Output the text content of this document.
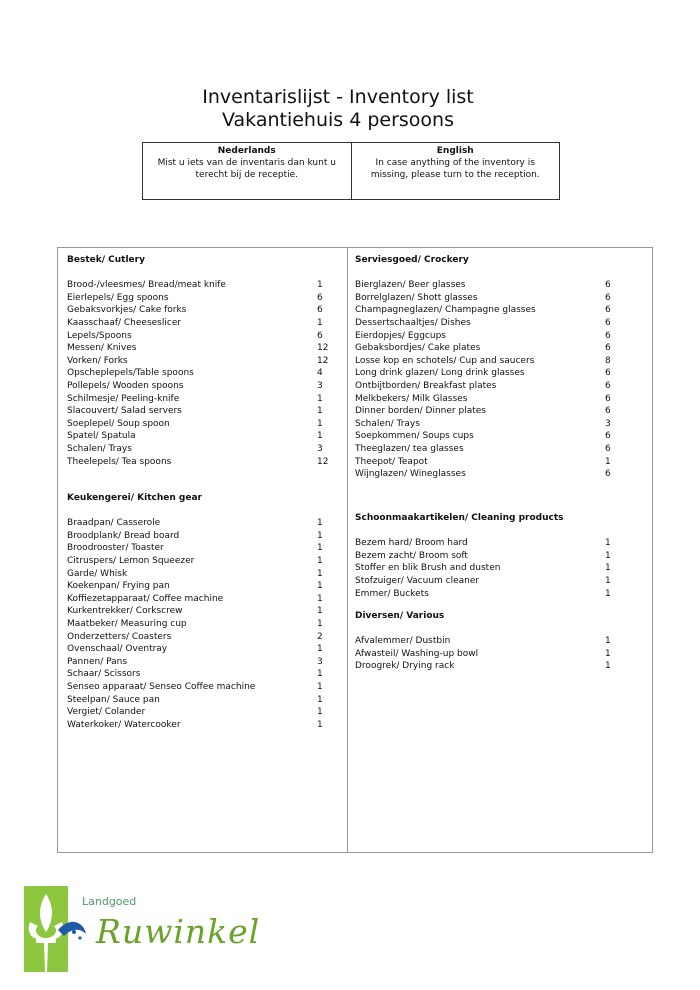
Inventarislijst - Inventory list
Vakantiehuis 4 persoons
Nederlands
Mist u iets van de inventaris dan kunt u terecht bij de receptie.
English
In case anything of the inventory is missing, please turn to the reception.
Bestek/ Cutlery
Brood-/vleesmes/ Bread/meat knife	1
Eierlepels/ Egg spoons	6
Gebaksvorkjes/ Cake forks	6
Kaasschaaf/ Cheeseslicer	1
Lepels/Spoons	6
Messen/ Knives	12
Vorken/ Forks	12
Opscheplepels/Table spoons	4
Pollepels/ Wooden spoons	3
Schilmesje/ Peeling-knife	1
Slacouvert/ Salad servers	1
Soeplepel/ Soup spoon	1
Spatel/ Spatula	1
Schalen/ Trays	3
Theelepels/ Tea spoons	12
Keukengerei/ Kitchen gear
Braadpan/ Casserole	1
Broodplank/ Bread board	1
Broodrooster/ Toaster	1
Citruspers/ Lemon Squeezer	1
Garde/ Whisk	1
Koekenpan/ Frying pan	1
Koffiezetapparaat/ Coffee machine	1
Kurkentrekker/ Corkscrew	1
Maatbeker/ Measuring cup	1
Onderzetters/ Coasters	2
Ovenschaal/ Oventray	1
Pannen/ Pans	3
Schaar/ Scissors	1
Senseo apparaat/ Senseo Coffee machine	1
Steelpan/ Sauce pan	1
Vergiet/ Colander	1
Waterkoker/ Watercooker	1
Serviesgoed/ Crockery
Bierglazen/ Beer glasses	6
Borrelglazen/ Shott glasses	6
Champagneglazen/ Champagne glasses	6
Dessertschaaltjes/ Dishes	6
Eierdopjes/ Eggcups	6
Gebaksbordjes/ Cake plates	6
Losse kop en schotels/ Cup and saucers	8
Long drink glazen/ Long drink glasses	6
Ontbijtborden/ Breakfast plates	6
Melkbekers/ Milk Glasses	6
Dinner borden/ Dinner plates	6
Schalen/ Trays	3
Soepkommen/ Soups cups	6
Theeglazen/ tea glasses	6
Theepot/ Teapot	1
Wijnglazen/ Wineglasses	6
Schoonmaakartikelen/ Cleaning products
Bezem hard/ Broom hard	1
Bezem zacht/ Broom soft	1
Stoffer en blik Brush and dusten	1
Stofzuiger/ Vacuum cleaner	1
Emmer/ Buckets	1
Diversen/ Various
Afvalemmer/ Dustbin	1
Afwasteil/ Washing-up bowl	1
Droogrek/ Drying rack	1
Landgoed
Ruwinkel
